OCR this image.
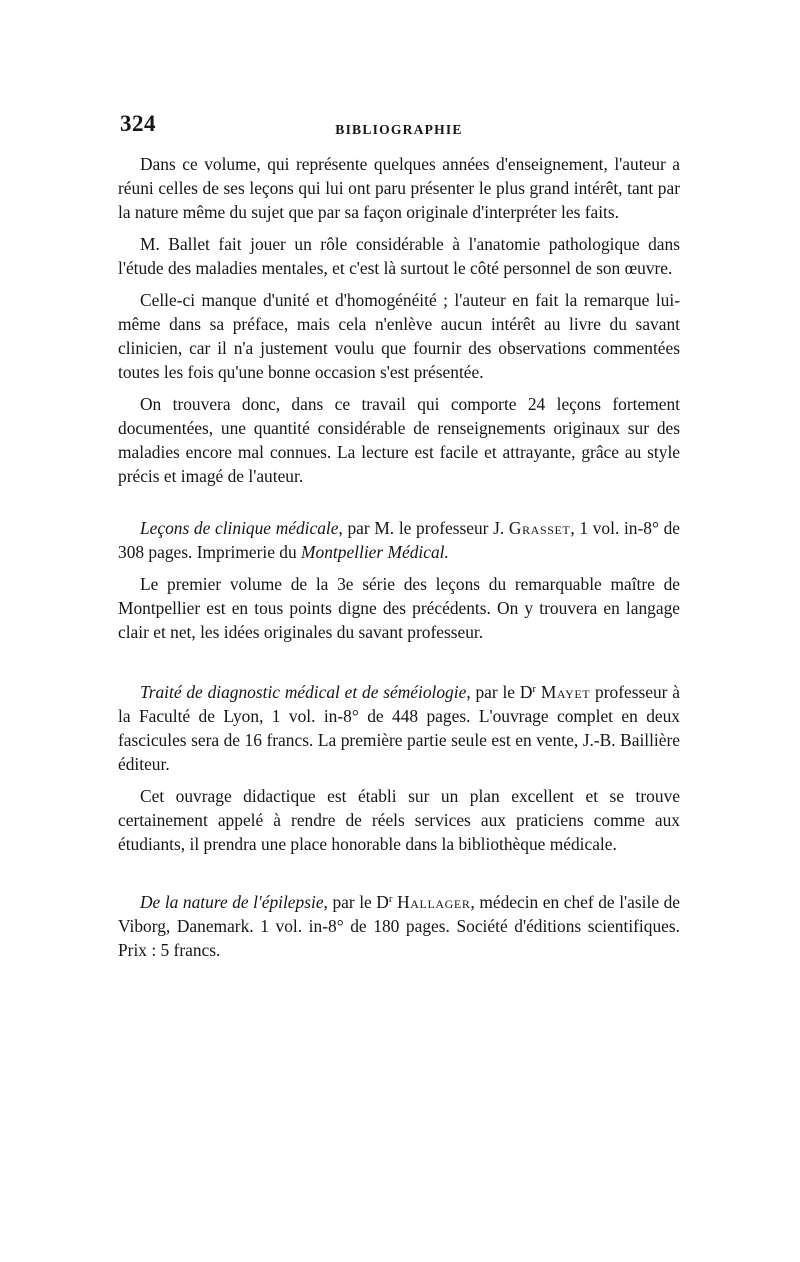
324	BIBLIOGRAPHIE

Dans ce volume, qui représente quelques années d'enseignement, l'auteur a réuni celles de ses leçons qui lui ont paru présenter le plus grand intérêt, tant par la nature même du sujet que par sa façon originale d'interpréter les faits.

M. Ballet fait jouer un rôle considérable à l'anatomie pathologique dans l'étude des maladies mentales, et c'est là surtout le côté personnel de son œuvre.

Celle-ci manque d'unité et d'homogénéité ; l'auteur en fait la remarque lui-même dans sa préface, mais cela n'enlève aucun intérêt au livre du savant clinicien, car il n'a justement voulu que fournir des observations commentées toutes les fois qu'une bonne occasion s'est présentée.

On trouvera donc, dans ce travail qui comporte 24 leçons fortement documentées, une quantité considérable de renseignements originaux sur des maladies encore mal connues. La lecture est facile et attrayante, grâce au style précis et imagé de l'auteur.

Leçons de clinique médicale, par M. le professeur J. Grasset, 1 vol. in-8° de 308 pages. Imprimerie du Montpellier Médical.

Le premier volume de la 3e série des leçons du remarquable maître de Montpellier est en tous points digne des précédents. On y trouvera en langage clair et net, les idées originales du savant professeur.

Traité de diagnostic médical et de séméiologie, par le $D^r$ Mayet professeur à la Faculté de Lyon, 1 vol. in-8° de 448 pages. L'ouvrage complet en deux fascicules sera de 16 francs. La première partie seule est en vente, J.-B. Baillière éditeur.

Cet ouvrage didactique est établi sur un plan excellent et se trouve certainement appelé à rendre de réels services aux praticiens comme aux étudiants, il prendra une place honorable dans la bibliothèque médicale.

De la nature de l'épilepsie, par le $D^r$ Hallager, médecin en chef de l'asile de Viborg, Danemark. 1 vol. in-8° de 180 pages. Société d'éditions scientifiques. Prix : 5 francs.
